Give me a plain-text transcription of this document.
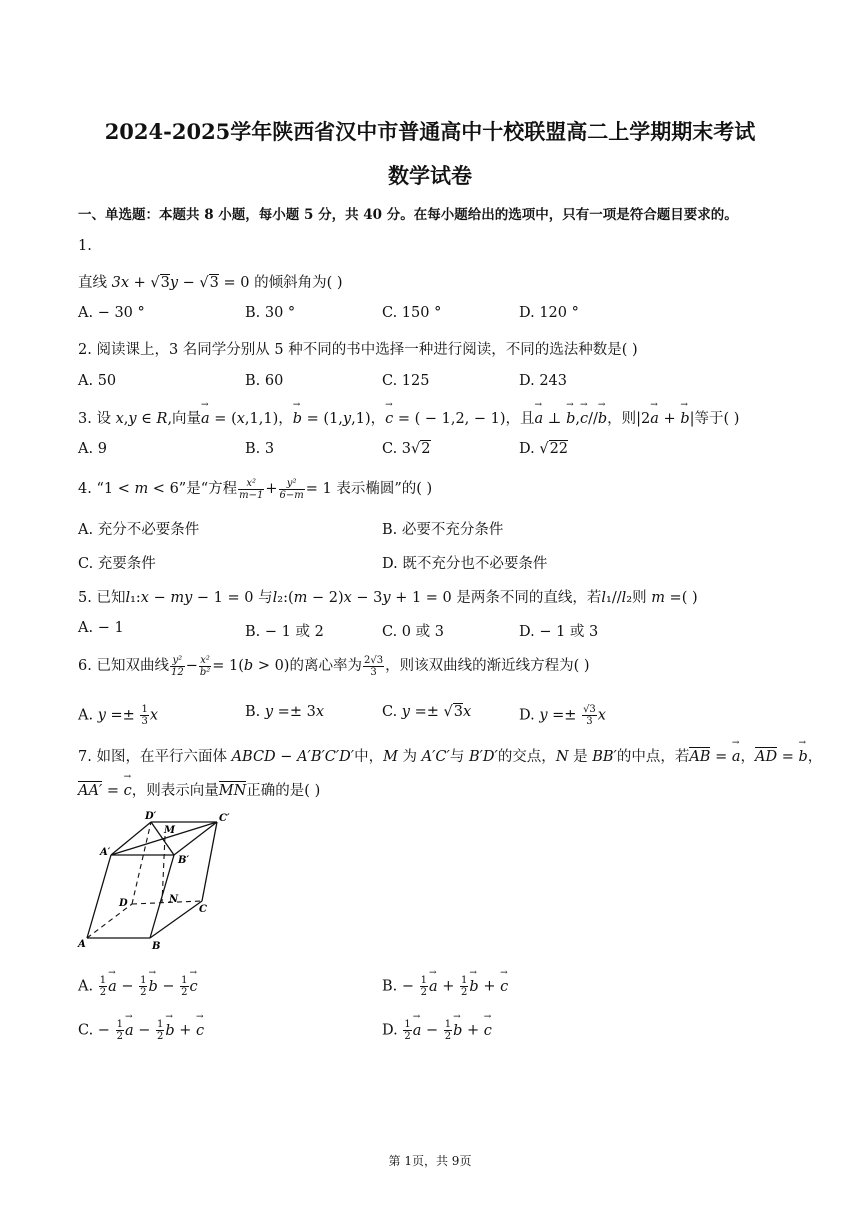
2024-2025学年陕西省汉中市普通高中十校联盟高二上学期期末考试
数学试卷
一、单选题：本题共 8 小题，每小题 5 分，共 40 分。在每小题给出的选项中，只有一项是符合题目要求的。
1.
直线 3x + √3y − √3 = 0 的倾斜角为( )
A. − 30 °	B. 30 °	C. 150 °	D. 120 °
2. 阅读课上，3 名同学分别从 5 种不同的书中选择一种进行阅读，不同的选法种数是( )
A. 50	B. 60	C. 125	D. 243
3. 设 x,y ∈ R,向量→ a = (x,1,1)，→ b = (1,y,1)，→ c = ( − 1,2, − 1)，且→ a ⊥ → b,→ c//→ b，则|2→ a + → b|等于( )
A. 9	B. 3	C. 3√2	D. √22
4. “1 < m < 6”是“方程 $\frac{\text{x²}}{m-1} + \frac{\text{y²}}{6-m} = 1$ 表示椭圆”的( )
A. 充分不必要条件	B. 必要不充分条件
C. 充要条件	D. 既不充分也不必要条件
5. 已知l₁:x − my − 1 = 0 与l₂:(m − 2)x − 3y + 1 = 0 是两条不同的直线，若l₁//l₂则 m =( )
A. − 1	B. − 1 或 2	C. 0 或 3	D. − 1 或 3
6. 已知双曲线 $\frac{\text{y²}}{12} - \frac{\text{x²}}{\text{b²}} = 1(b > 0)$的离心率为 $\frac{2√3}{3}$ ，则该双曲线的渐近线方程为( )
A. $y =\pm \frac{1}{3}$ x	B. y =± 3x	C. y =± √3x	D. $y =\pm \frac{√3}{3}$ x
7. 如图，在平行六面体 ABCD − A′B′C′D′中，M 为 A′C′与 B′D′的交点，N 是 BB′的中点，若AB = → a，AD = → b，
AA′ = → c，则表示向量MN正确的是( )
D′
M
C′
A′
B′
D	N
C
A	B
A. $\frac{1}{2}$
→ $a - \frac{1}{2}$
→ $b - \frac{1}{2}$
→ c	B. − $\frac{1}{2}$
→ $a + \frac{1}{2}$
→ b + → c
C. − $\frac{1}{2}$
→ $a - \frac{1}{2}$
→ b + → c	D. $\frac{1}{2}$
→ $a - \frac{1}{2}$
→ b + → c
第 1页，共 9页
